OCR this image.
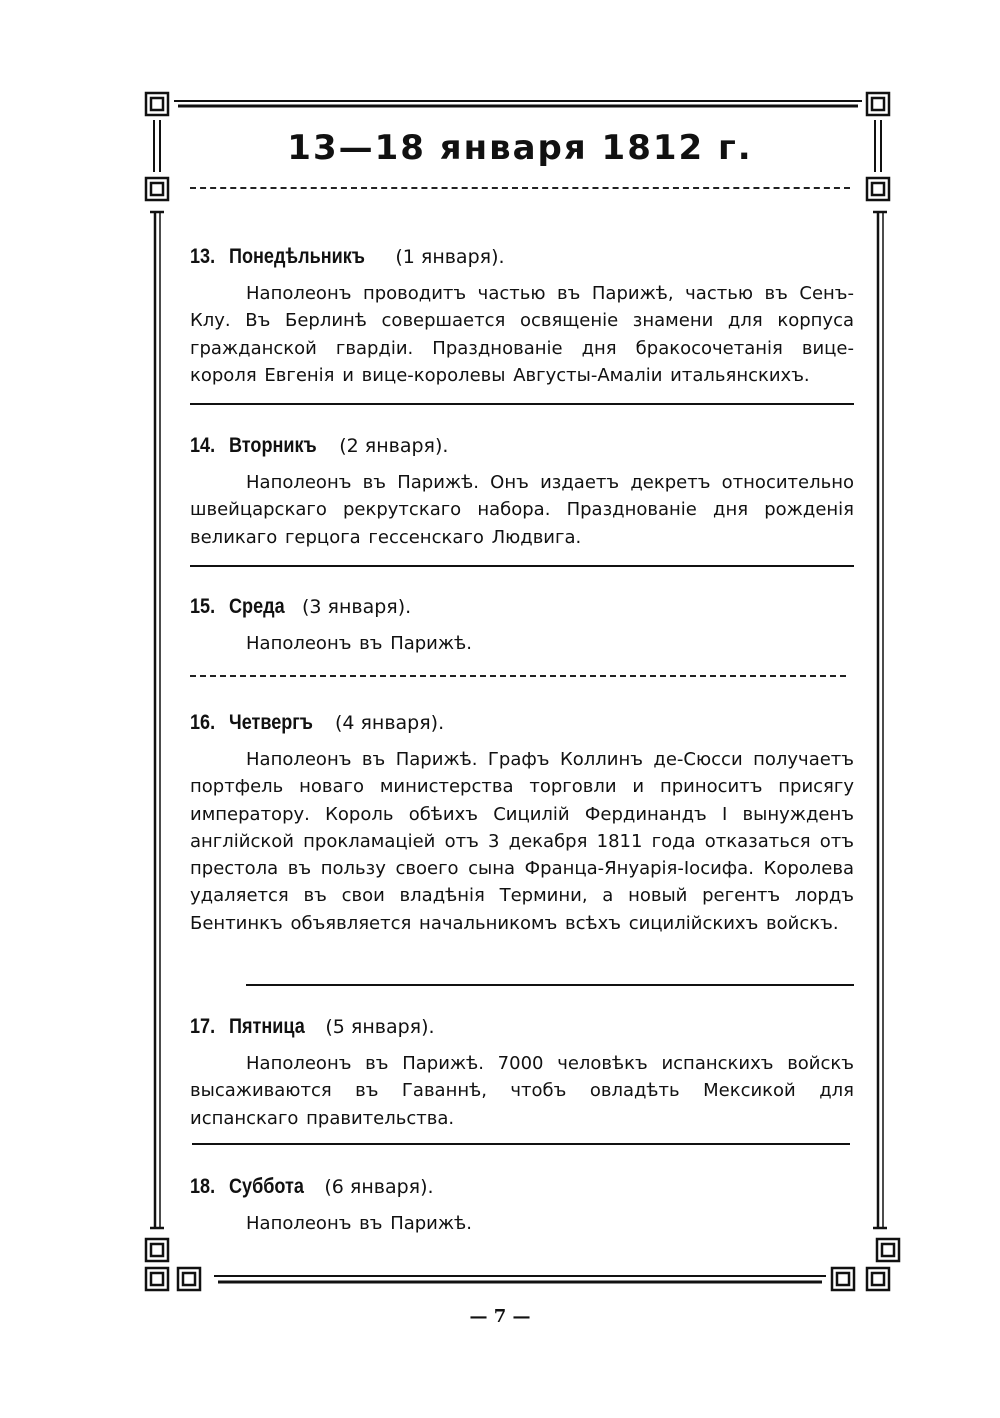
13—18 января 1812 г.
13. Понедѣльникъ (1 января).
Наполеонъ проводитъ частью въ Парижѣ, частью въ Сенъ-Клу. Въ Берлинѣ совершается освященіе знамени для корпуса гражданской гвардіи. Празднованіе дня бракосочетанія вице-короля Евгенія и вице-королевы Августы-Амаліи итальянскихъ.
14. Вторникъ (2 января).
Наполеонъ въ Парижѣ. Онъ издаетъ декретъ относительно швейцарскаго рекрутскаго набора. Празднованіе дня рожденія великаго герцога гессенскаго Людвига.
15. Среда (3 января).
Наполеонъ въ Парижѣ.
16. Четвергъ (4 января).
Наполеонъ въ Парижѣ. Графъ Коллинъ де-Сюсси получаетъ портфель новаго министерства торговли и приноситъ присягу императору. Король обѣихъ Сицилій Фердинандъ I вынужденъ англійской прокламаціей отъ 3 декабря 1811 года отказаться отъ престола въ пользу своего сына Франца-Януарія-Іосифа. Королева удаляется въ свои владѣнія Термини, а новый регентъ лордъ Бентинкъ объявляется начальникомъ всѣхъ сицилійскихъ войскъ.
17. Пятница (5 января).
Наполеонъ въ Парижѣ. 7000 человѣкъ испанскихъ войскъ высаживаются въ Гаваннѣ, чтобъ овладѣть Мексикой для испанскаго правительства.
18. Суббота (6 января).
Наполеонъ въ Парижѣ.
— 7 —
